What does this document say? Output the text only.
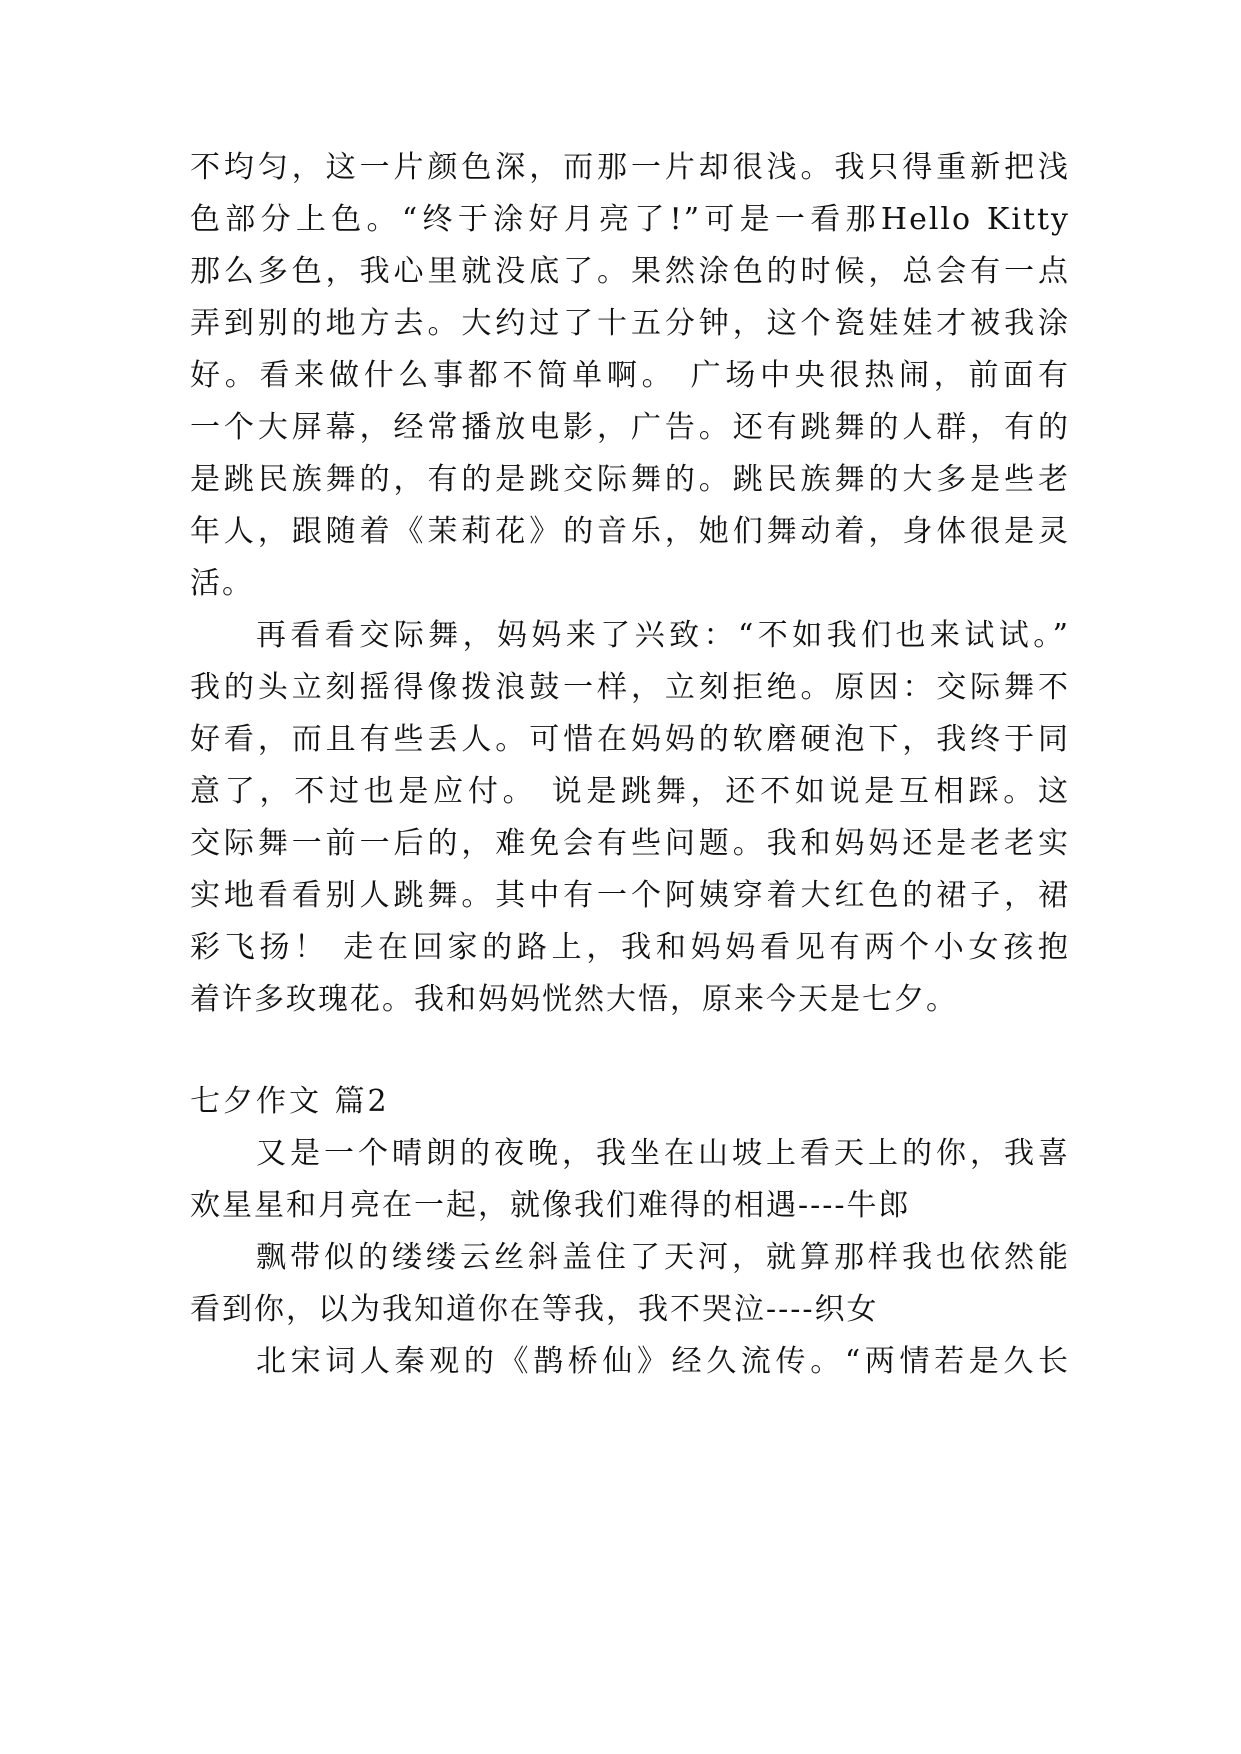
不均匀，这一片颜色深，而那一片却很浅。我只得重新把浅
色部分上色。“终于涂好月亮了!”可是一看那Hello Kitty
那么多色，我心里就没底了。果然涂色的时候，总会有一点
弄到别的地方去。大约过了十五分钟，这个瓷娃娃才被我涂
好。看来做什么事都不简单啊。 广场中央很热闹，前面有
一个大屏幕，经常播放电影，广告。还有跳舞的人群，有的
是跳民族舞的，有的是跳交际舞的。跳民族舞的大多是些老
年人，跟随着《茉莉花》的音乐，她们舞动着，身体很是灵
活。
再看看交际舞，妈妈来了兴致：“不如我们也来试试。”
我的头立刻摇得像拨浪鼓一样，立刻拒绝。原因：交际舞不
好看，而且有些丢人。可惜在妈妈的软磨硬泡下，我终于同
意了，不过也是应付。 说是跳舞，还不如说是互相踩。这
交际舞一前一后的，难免会有些问题。我和妈妈还是老老实
实地看看别人跳舞。其中有一个阿姨穿着大红色的裙子，裙
彩飞扬！ 走在回家的路上，我和妈妈看见有两个小女孩抱
着许多玫瑰花。我和妈妈恍然大悟，原来今天是七夕。
七夕作文 篇2
又是一个晴朗的夜晚，我坐在山坡上看天上的你，我喜
欢星星和月亮在一起，就像我们难得的相遇----牛郎
飘带似的缕缕云丝斜盖住了天河，就算那样我也依然能
看到你，以为我知道你在等我，我不哭泣----织女
北宋词人秦观的《鹊桥仙》经久流传。“两情若是久长
